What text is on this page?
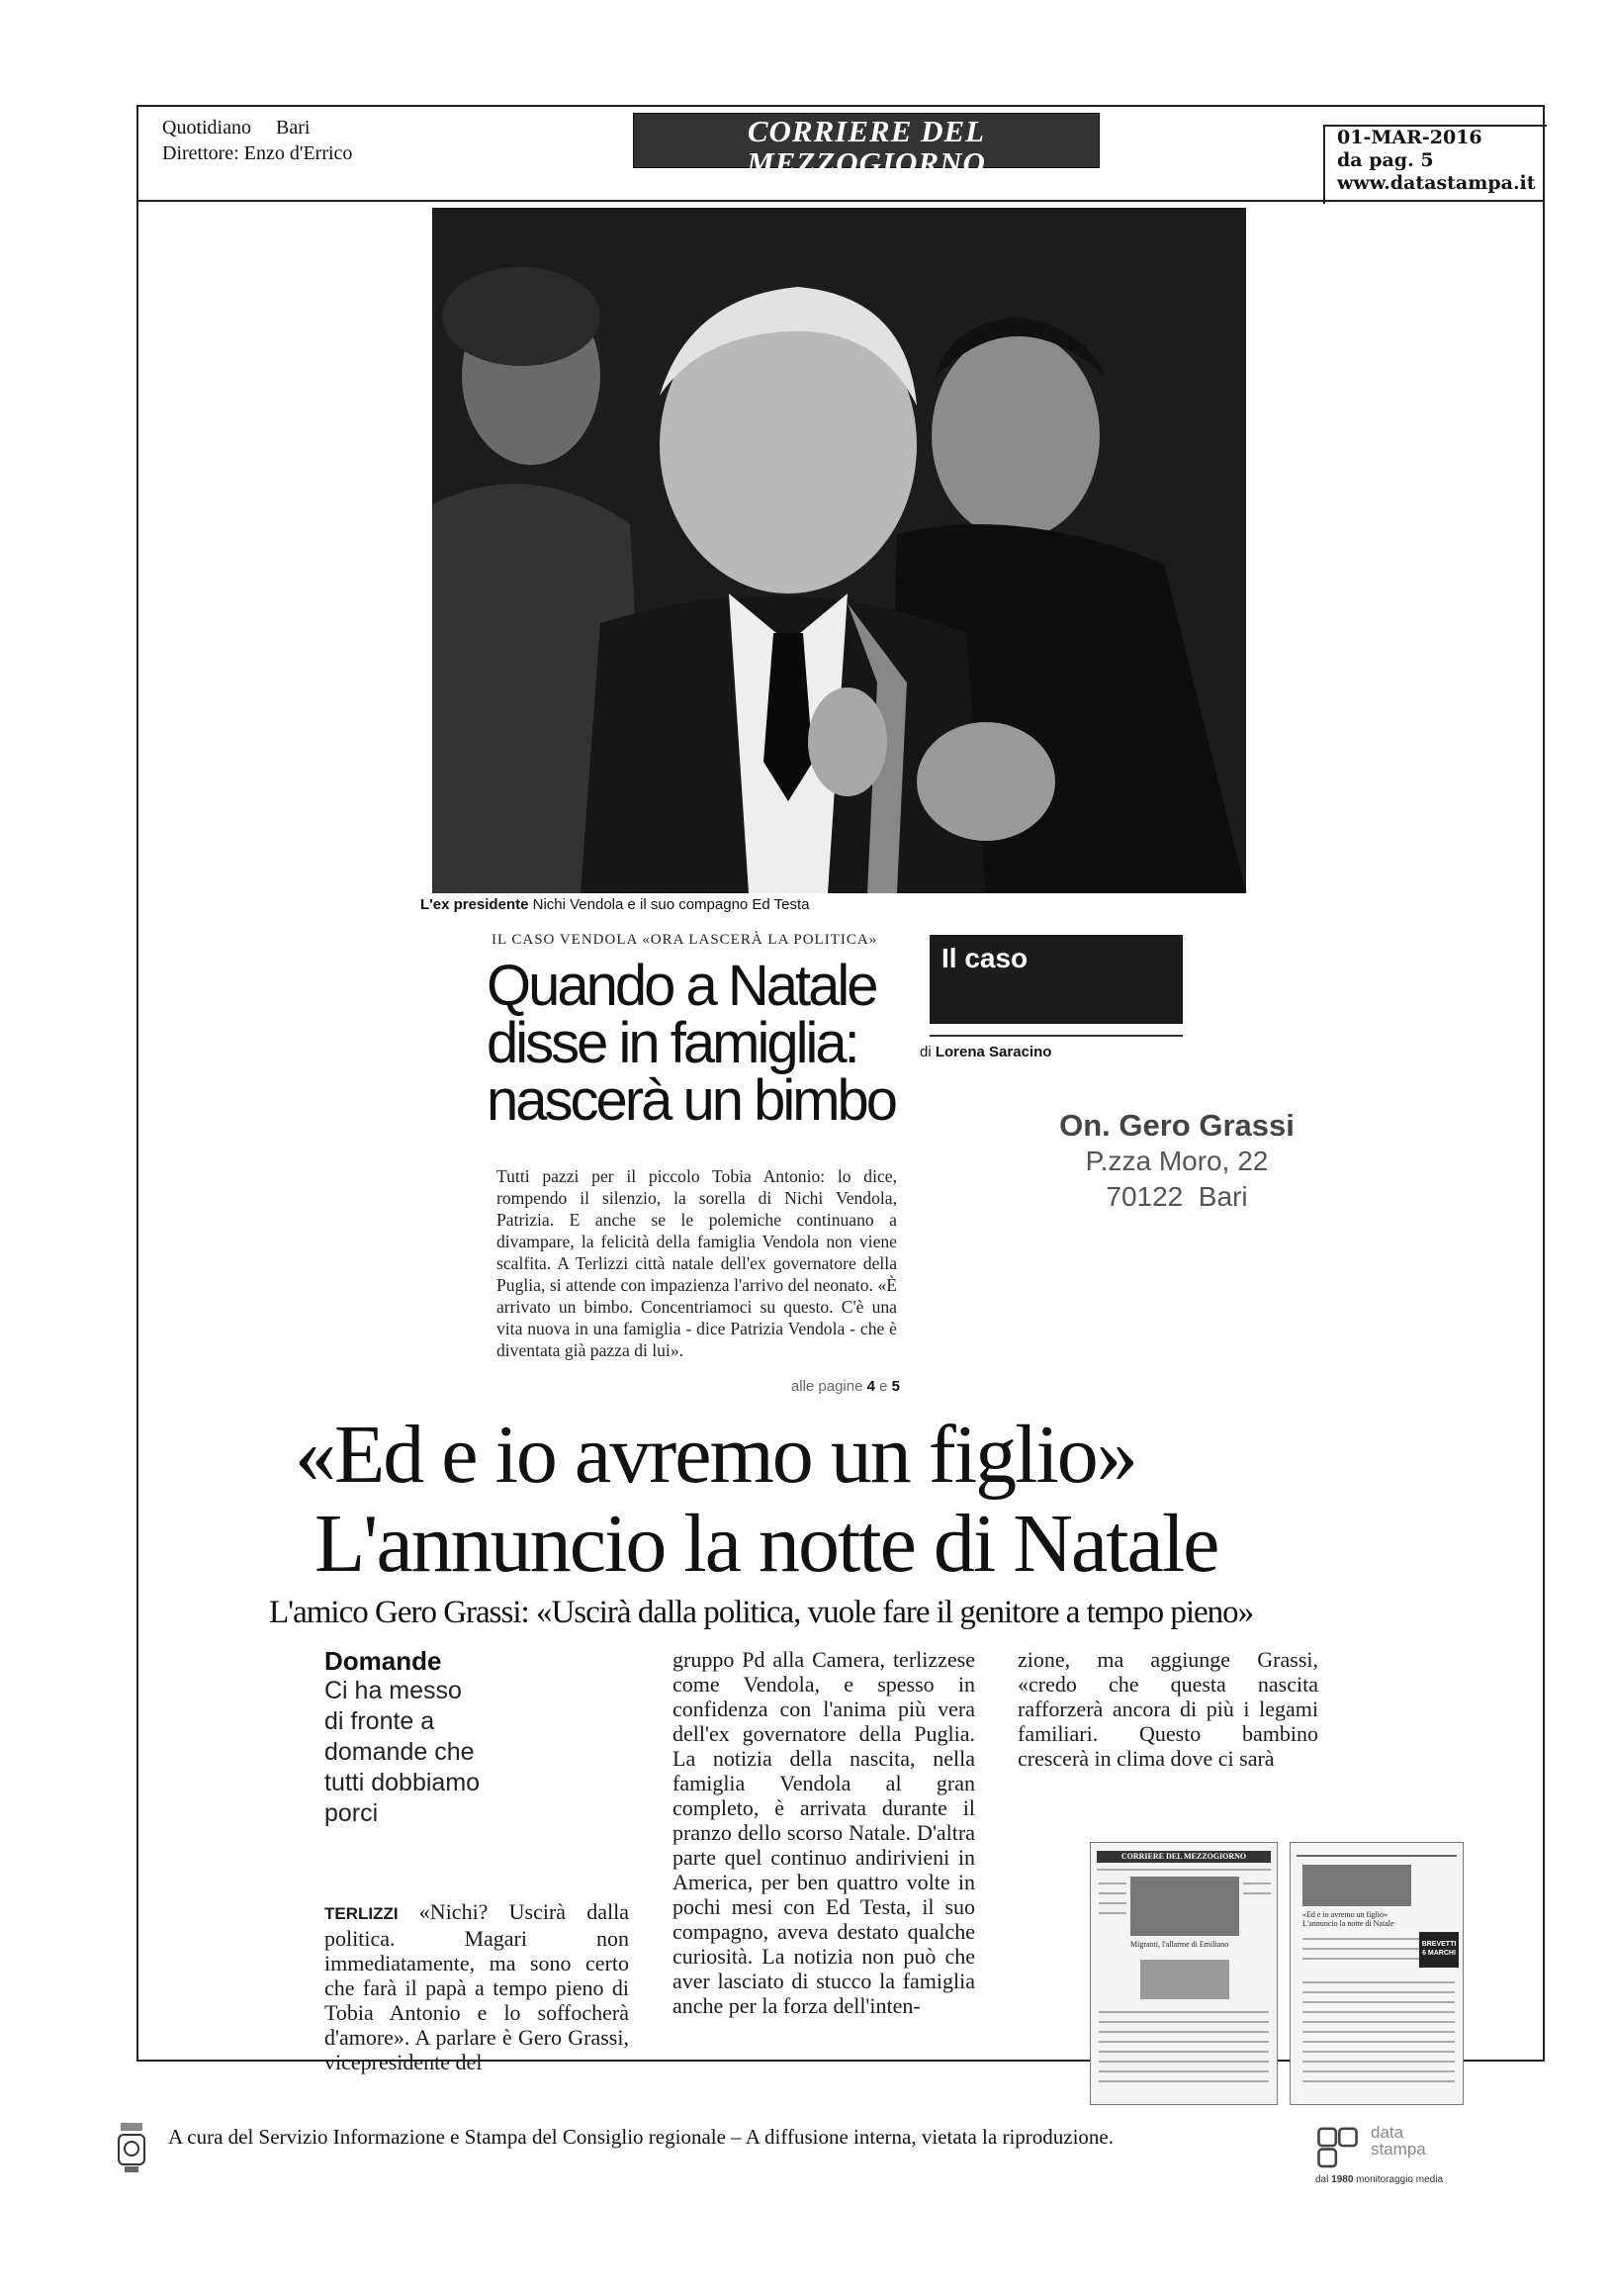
Quotidiano Bari
Direttore: Enzo d'Errico
CORRIERE DEL MEZZOGIORNO
BARI E PUGLIA
01-MAR-2016
da pag. 5
www.datastampa.it
L'ex presidente Nichi Vendola e il suo compagno Ed Testa
IL CASO VENDOLA «ORA LASCERÀ LA POLITICA»
Quando a Natale disse in famiglia: nascerà un bimbo
Tutti pazzi per il piccolo Tobia Antonio: lo dice, rompendo il silenzio, la sorella di Nichi Vendola, Patrizia. E anche se le polemiche continuano a divampare, la felicità della famiglia Vendola non viene scalfita. A Terlizzi città natale dell'ex governatore della Puglia, si attende con impazienza l'arrivo del neonato. «È arrivato un bimbo. Concentriamoci su questo. C'è una vita nuova in una famiglia - dice Patrizia Vendola - che è diventata già pazza di lui».
alle pagine 4 e 5
Il caso
di Lorena Saracino
On. Gero Grassi
P.zza Moro, 22
70122  Bari
«Ed e io avremo un figlio»
L'annuncio la notte di Natale
L'amico Gero Grassi: «Uscirà dalla politica, vuole fare il genitore a tempo pieno»
Domande
Ci ha messo di fronte a domande che tutti dobbiamo porci
TERLIZZI «Nichi? Uscirà dalla politica. Magari non immediatamente, ma sono certo che farà il papà a tempo pieno di Tobia Antonio e lo soffocherà d'amore». A parlare è Gero Grassi, vicepresidente del
gruppo Pd alla Camera, terlizzese come Vendola, e spesso in confidenza con l'anima più vera dell'ex governatore della Puglia. La notizia della nascita, nella famiglia Vendola al gran completo, è arrivata durante il pranzo dello scorso Natale. D'altra parte quel continuo andirivieni in America, per ben quattro volte in pochi mesi con Ed Testa, il suo compagno, aveva destato qualche curiosità. La notizia non può che aver lasciato di stucco la famiglia anche per la forza dell'inten-
zione, ma aggiunge Grassi, «credo che questa nascita rafforzerà ancora di più i legami familiari. Questo bambino crescerà in clima dove ci sarà
CORRIERE DEL MEZZOGIORNO
Migranti, l'allarme di Emiliano
«Ed e io avremo un figlio» L'annuncio la notte di Natale
BREVETTI
6 MARCHI
A cura del Servizio Informazione e Stampa del Consiglio regionale – A diffusione interna, vietata la riproduzione.	data
stampa
dal 1980 monitoraggio media
